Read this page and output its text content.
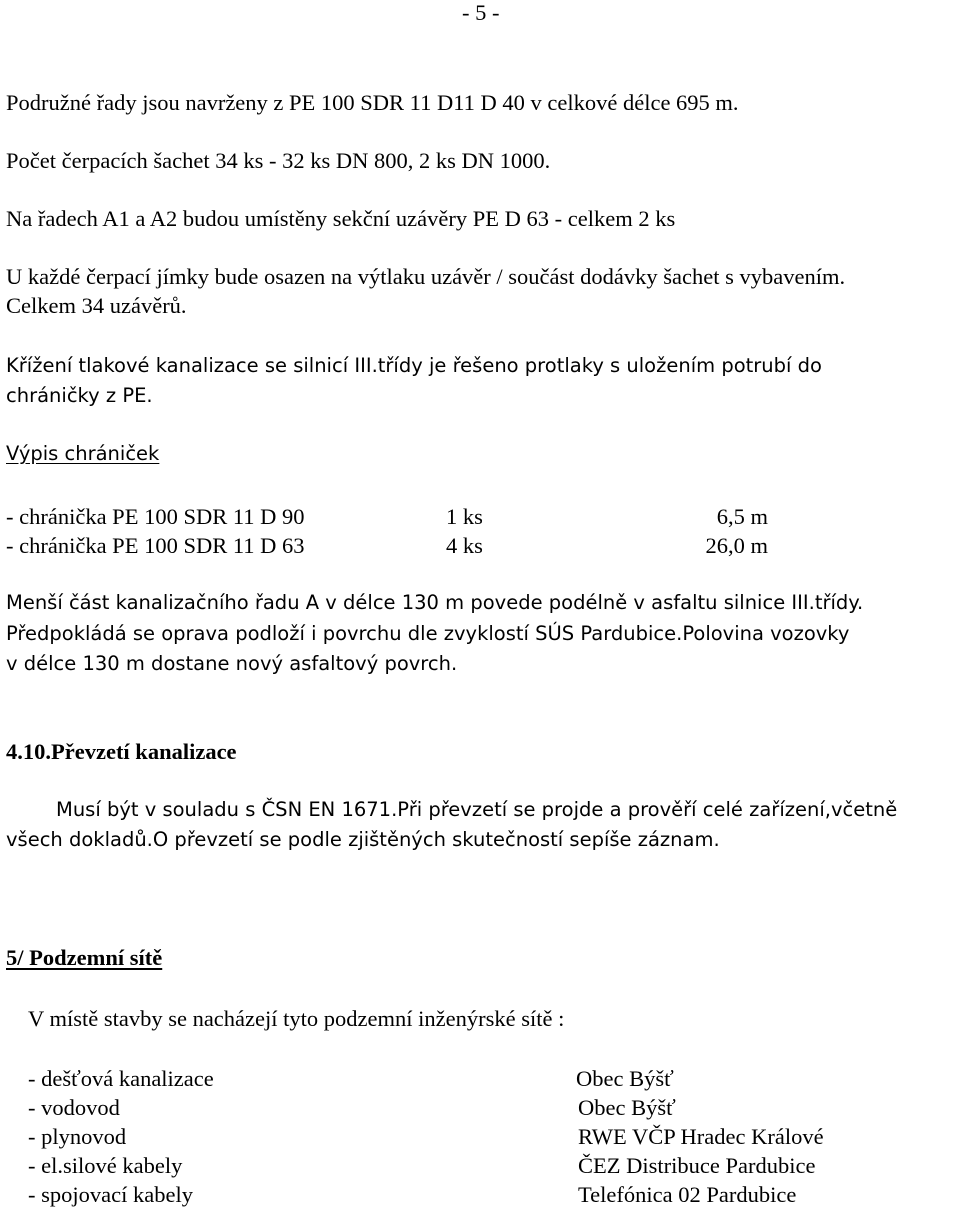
- 5 -
Podružné řady jsou navrženy z PE 100 SDR 11 D11 D 40 v celkové délce 695 m.
Počet čerpacích šachet 34 ks - 32 ks DN 800, 2 ks DN 1000.
Na řadech A1 a A2 budou umístěny sekční uzávěry PE D 63 - celkem 2 ks
U každé čerpací jímky bude osazen na výtlaku uzávěr / součást dodávky šachet s vybavením.
Celkem 34 uzávěrů.
Křížení tlakové kanalizace se silnicí III.třídy je řešeno protlaky s uložením potrubí do
chráničky z PE.
Výpis chrániček
- chránička PE 100 SDR 11 D 90	1 ks	6,5 m
- chránička PE 100 SDR 11 D 63	4 ks	26,0 m
Menší část kanalizačního řadu A v délce 130 m povede podélně v asfaltu silnice III.třídy.
Předpokládá se oprava podloží i povrchu dle zvyklostí SÚS Pardubice.Polovina vozovky
v délce 130 m dostane nový asfaltový povrch.
4.10.Převzetí kanalizace
Musí být v souladu s ČSN EN 1671.Při převzetí se projde a prověří celé zařízení,včetně
všech dokladů.O převzetí se podle zjištěných skutečností sepíše záznam.
5/ Podzemní sítě
V místě stavby se nacházejí tyto podzemní inženýrské sítě :
- dešťová kanalizace	Obec Býšť
- vodovod	Obec Býšť
- plynovod	RWE VČP Hradec Králové
- el.silové kabely	ČEZ Distribuce Pardubice
- spojovací kabely	Telefónica 02 Pardubice
